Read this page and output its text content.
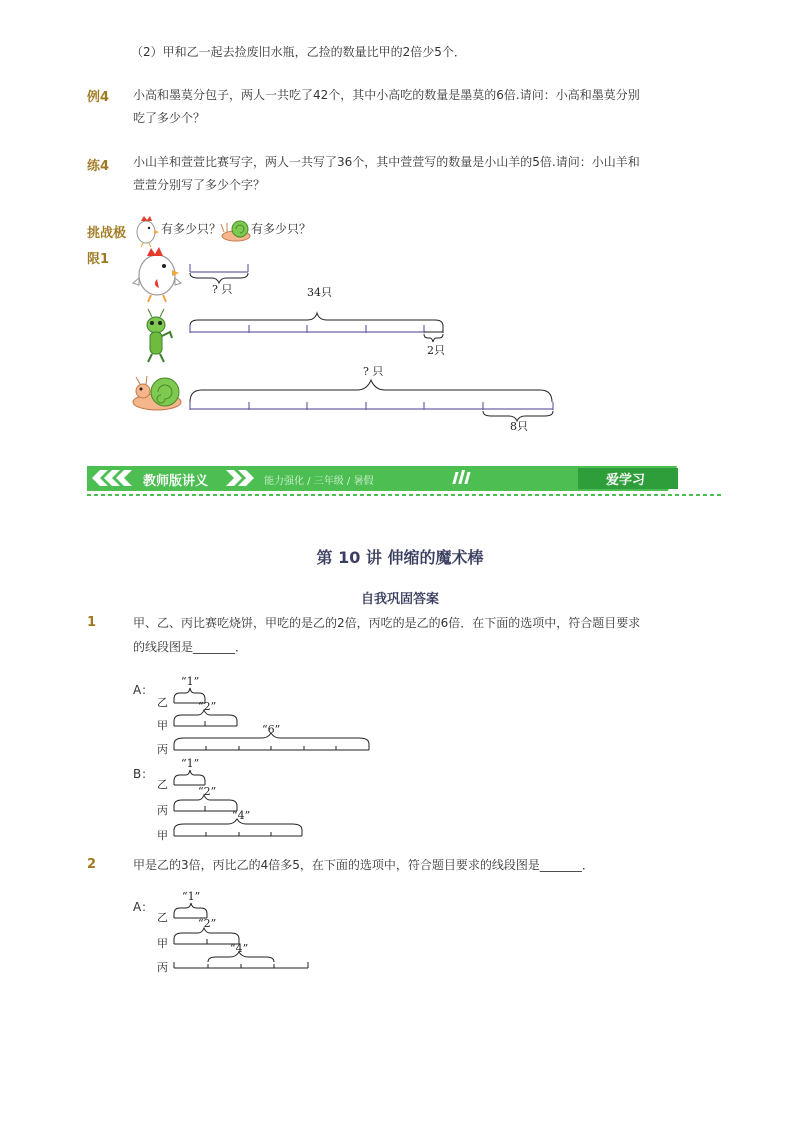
（2）甲和乙一起去捡废旧水瓶，乙捡的数量比甲的2倍少5个．
例4 小高和墨莫分包子，两人一共吃了42个，其中小高吃的数量是墨莫的6倍.请问：小高和墨莫分别
吃了多少个？
练4 小山羊和萱萱比赛写字，两人一共写了36个，其中萱萱写的数量是小山羊的5倍.请问：小山羊和
萱萱分别写了多少个字？
挑战极
限1
有多少只？ 有多少只？
? 只	34只
2只
? 只
8只
教师版讲义	能力强化 / 三年级 / 暑假	爱学习
第 10 讲 伸缩的魔术棒
自我巩固答案
1	甲、乙、丙比赛吃烧饼，甲吃的是乙的2倍，丙吃的是乙的6倍．在下面的选项中，符合题目要求
的线段图是_______．
A：
乙
甲
丙
“1”
“2”
“6”
B：
乙
丙
甲
“1”
“2”
“4”
2	甲是乙的3倍，丙比乙的4倍多5，在下面的选项中，符合题目要求的线段图是_______．
A：
乙
甲
丙
“1”
“2”
“4”
